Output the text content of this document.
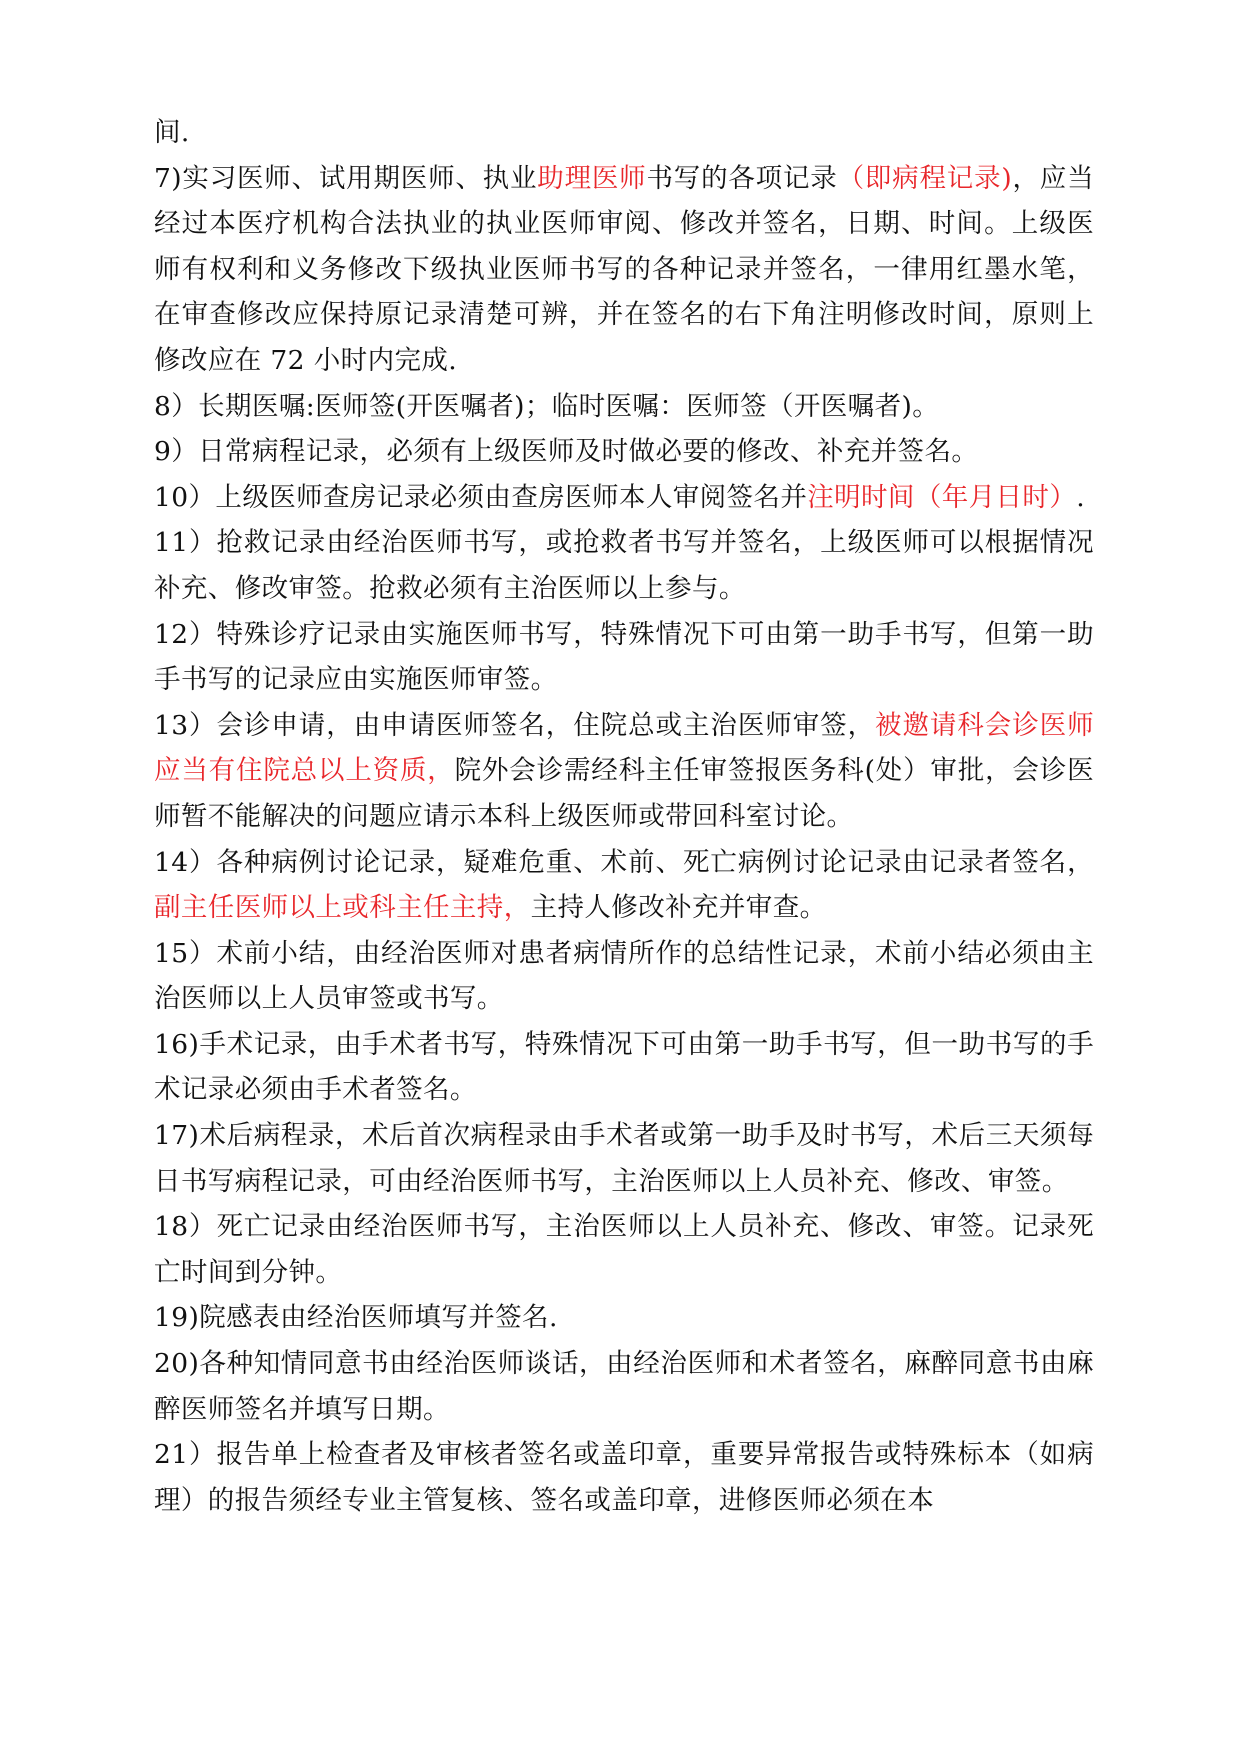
间.

7)实习医师、试用期医师、执业助理医师书写的各项记录（即病程记录)，应当经过本医疗机构合法执业的执业医师审阅、修改并签名，日期、时间。上级医师有权利和义务修改下级执业医师书写的各种记录并签名，一律用红墨水笔，在审查修改应保持原记录清楚可辨，并在签名的右下角注明修改时间，原则上修改应在 72 小时内完成.

8）长期医嘱:医师签(开医嘱者)；临时医嘱：医师签（开医嘱者)。

9）日常病程记录，必须有上级医师及时做必要的修改、补充并签名。

10）上级医师查房记录必须由查房医师本人审阅签名并注明时间（年月日时）.

11）抢救记录由经治医师书写，或抢救者书写并签名，上级医师可以根据情况补充、修改审签。抢救必须有主治医师以上参与。

12）特殊诊疗记录由实施医师书写，特殊情况下可由第一助手书写，但第一助手书写的记录应由实施医师审签。

13）会诊申请，由申请医师签名，住院总或主治医师审签，被邀请科会诊医师应当有住院总以上资质，院外会诊需经科主任审签报医务科(处）审批，会诊医师暂不能解决的问题应请示本科上级医师或带回科室讨论。

14）各种病例讨论记录，疑难危重、术前、死亡病例讨论记录由记录者签名，副主任医师以上或科主任主持，主持人修改补充并审查。

15）术前小结，由经治医师对患者病情所作的总结性记录，术前小结必须由主治医师以上人员审签或书写。

16)手术记录，由手术者书写，特殊情况下可由第一助手书写，但一助书写的手术记录必须由手术者签名。

17)术后病程录，术后首次病程录由手术者或第一助手及时书写，术后三天须每日书写病程记录，可由经治医师书写，主治医师以上人员补充、修改、审签。

18）死亡记录由经治医师书写，主治医师以上人员补充、修改、审签。记录死亡时间到分钟。

19)院感表由经治医师填写并签名.

20)各种知情同意书由经治医师谈话，由经治医师和术者签名，麻醉同意书由麻醉医师签名并填写日期。

21）报告单上检查者及审核者签名或盖印章，重要异常报告或特殊标本（如病理）的报告须经专业主管复核、签名或盖印章，进修医师必须在本
